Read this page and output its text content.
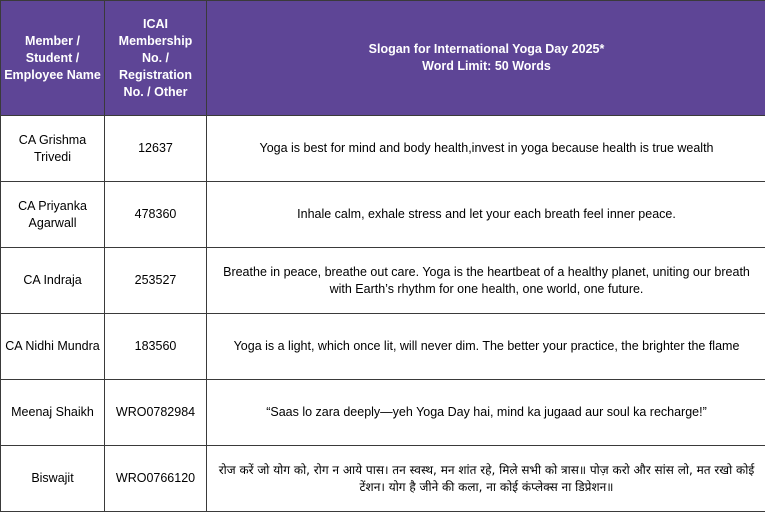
Member / Student / Employee Name	ICAI Membership No. / Registration No. / Other	Slogan for International Yoga Day 2025*
Word Limit: 50 Words

CA Grishma Trivedi	12637	Yoga is best for mind and body health,invest in yoga because health is true wealth
CA Priyanka Agarwall	478360	Inhale calm, exhale stress and let your each breath feel inner peace.
CA Indraja	253527	Breathe in peace, breathe out care. Yoga is the heartbeat of a healthy planet, uniting our breath with Earth’s rhythm for one health, one world, one future.
CA Nidhi Mundra	183560	Yoga is a light, which once lit, will never dim. The better your practice, the brighter the flame
Meenaj Shaikh	WRO0782984	“Saas lo zara deeply—yeh Yoga Day hai, mind ka jugaad aur soul ka recharge!”
Biswajit	WRO0766120	रोज करें जो योग को, रोग न आये पास। तन स्वस्थ, मन शांत रहे, मिले सभी को त्रास॥ पोज़ करो और सांस लो, मत रखो कोई टेंशन। योग है जीने की कला, ना कोई कंप्लेक्स ना डिप्रेशन॥
